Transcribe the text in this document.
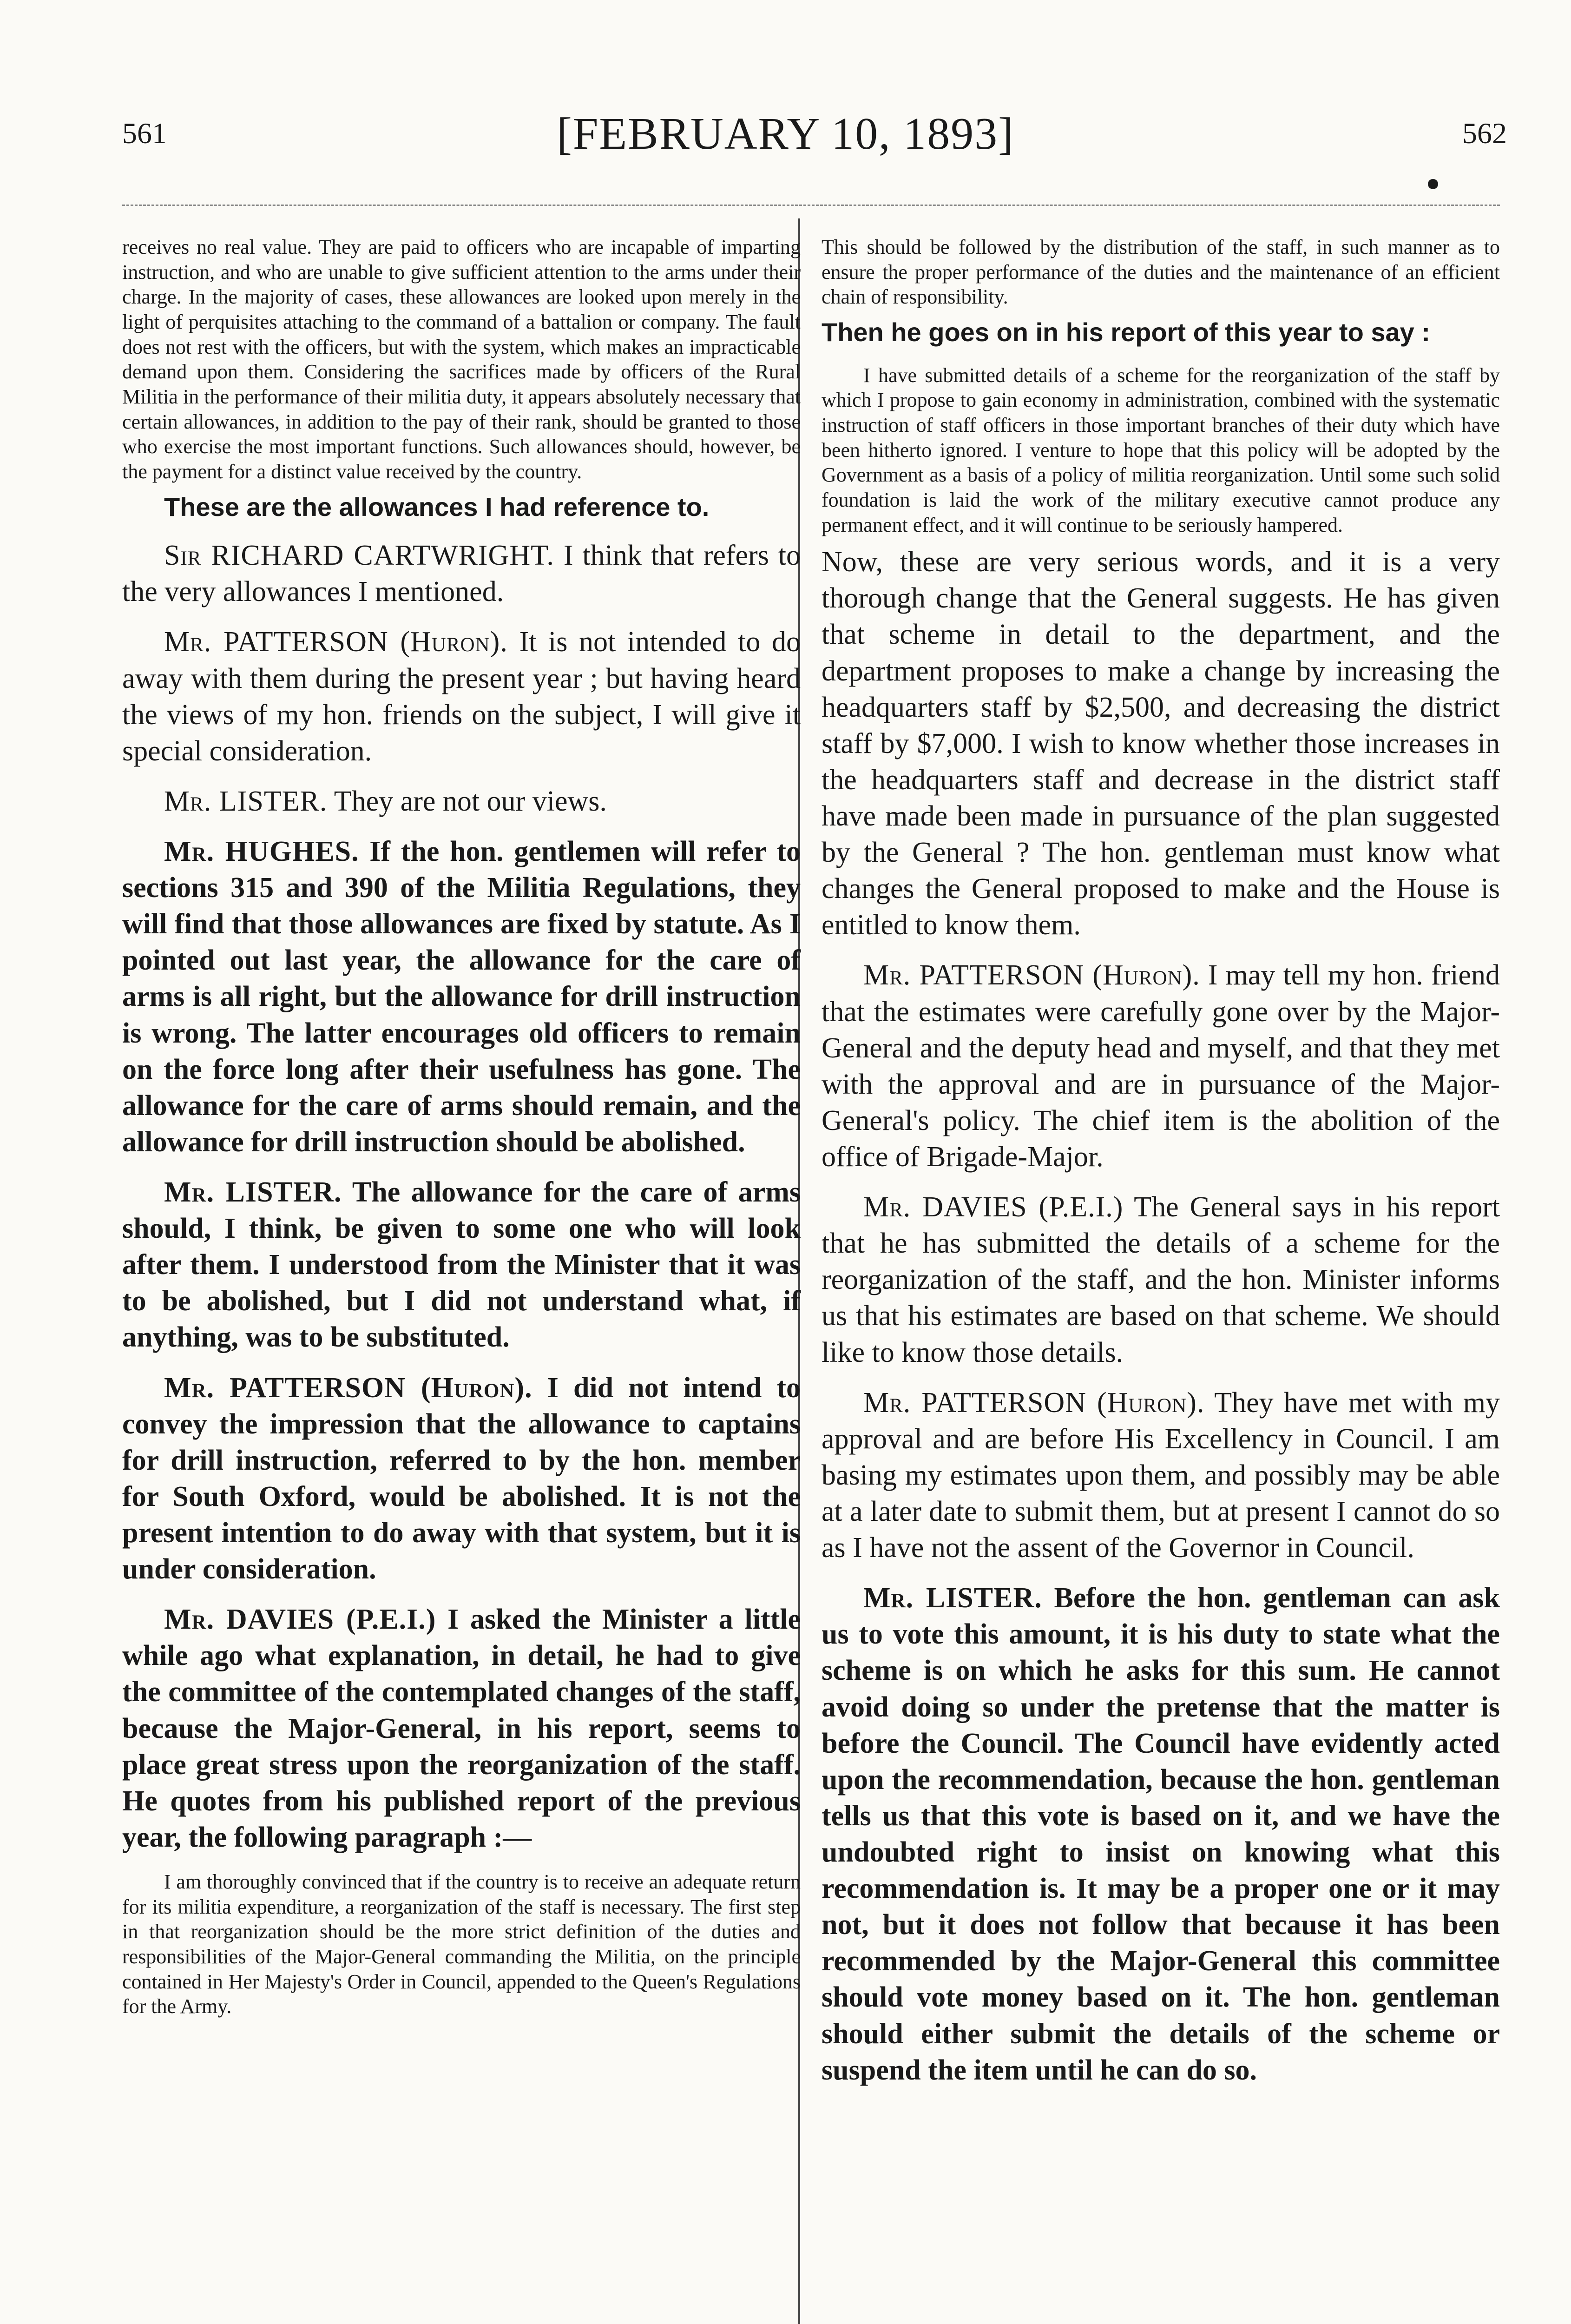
561	[FEBRUARY 10, 1893]	562

receives no real value. They are paid to officers who are incapable of imparting instruction, and who are unable to give sufficient attention to the arms under their charge. In the majority of cases, these allowances are looked upon merely in the light of perquisites attaching to the command of a battalion or company. The fault does not rest with the officers, but with the system, which makes an impracticable demand upon them. Considering the sacrifices made by officers of the Rural Militia in the performance of their militia duty, it appears absolutely necessary that certain allowances, in addition to the pay of their rank, should be granted to those who exercise the most important functions. Such allowances should, however, be the payment for a distinct value received by the country.

These are the allowances I had reference to.

Sir RICHARD CARTWRIGHT. I think that refers to the very allowances I mentioned.

Mr. PATTERSON (Huron). It is not intended to do away with them during the present year ; but having heard the views of my hon. friends on the subject, I will give it special consideration.

Mr. LISTER. They are not our views.

Mr. HUGHES. If the hon. gentlemen will refer to sections 315 and 390 of the Militia Regulations, they will find that those allowances are fixed by statute. As I pointed out last year, the allowance for the care of arms is all right, but the allowance for drill instruction is wrong. The latter encourages old officers to remain on the force long after their usefulness has gone. The allowance for the care of arms should remain, and the allowance for drill instruction should be abolished.

Mr. LISTER. The allowance for the care of arms should, I think, be given to some one who will look after them. I understood from the Minister that it was to be abolished, but I did not understand what, if anything, was to be substituted.

Mr. PATTERSON (Huron). I did not intend to convey the impression that the allowance to captains for drill instruction, referred to by the hon. member for South Oxford, would be abolished. It is not the present intention to do away with that system, but it is under consideration.

Mr. DAVIES (P.E.I.) I asked the Minister a little while ago what explanation, in detail, he had to give the committee of the contemplated changes of the staff, because the Major-General, in his report, seems to place great stress upon the reorganization of the staff. He quotes from his published report of the previous year, the following paragraph :—

I am thoroughly convinced that if the country is to receive an adequate return for its militia expenditure, a reorganization of the staff is necessary. The first step in that reorganization should be the more strict definition of the duties and responsibilities of the Major-General commanding the Militia, on the principle contained in Her Majesty's Order in Council, appended to the Queen's Regulations for the Army.

This should be followed by the distribution of the staff, in such manner as to ensure the proper performance of the duties and the maintenance of an efficient chain of responsibility.

Then he goes on in his report of this year to say :

I have submitted details of a scheme for the reorganization of the staff by which I propose to gain economy in administration, combined with the systematic instruction of staff officers in those important branches of their duty which have been hitherto ignored. I venture to hope that this policy will be adopted by the Government as a basis of a policy of militia reorganization. Until some such solid foundation is laid the work of the military executive cannot produce any permanent effect, and it will continue to be seriously hampered.

Now, these are very serious words, and it is a very thorough change that the General suggests. He has given that scheme in detail to the department, and the department proposes to make a change by increasing the headquarters staff by $2,500, and decreasing the district staff by $7,000. I wish to know whether those increases in the headquarters staff and decrease in the district staff have made been made in pursuance of the plan suggested by the General ? The hon. gentleman must know what changes the General proposed to make and the House is entitled to know them.

Mr. PATTERSON (Huron). I may tell my hon. friend that the estimates were carefully gone over by the Major-General and the deputy head and myself, and that they met with the approval and are in pursuance of the Major-General's policy. The chief item is the abolition of the office of Brigade-Major.

Mr. DAVIES (P.E.I.) The General says in his report that he has submitted the details of a scheme for the reorganization of the staff, and the hon. Minister informs us that his estimates are based on that scheme. We should like to know those details.

Mr. PATTERSON (Huron). They have met with my approval and are before His Excellency in Council. I am basing my estimates upon them, and possibly may be able at a later date to submit them, but at present I cannot do so as I have not the assent of the Governor in Council.

Mr. LISTER. Before the hon. gentleman can ask us to vote this amount, it is his duty to state what the scheme is on which he asks for this sum. He cannot avoid doing so under the pretense that the matter is before the Council. The Council have evidently acted upon the recommendation, because the hon. gentleman tells us that this vote is based on it, and we have the undoubted right to insist on knowing what this recommendation is. It may be a proper one or it may not, but it does not follow that because it has been recommended by the Major-General this committee should vote money based on it. The hon. gentleman should either submit the details of the scheme or suspend the item until he can do so.
